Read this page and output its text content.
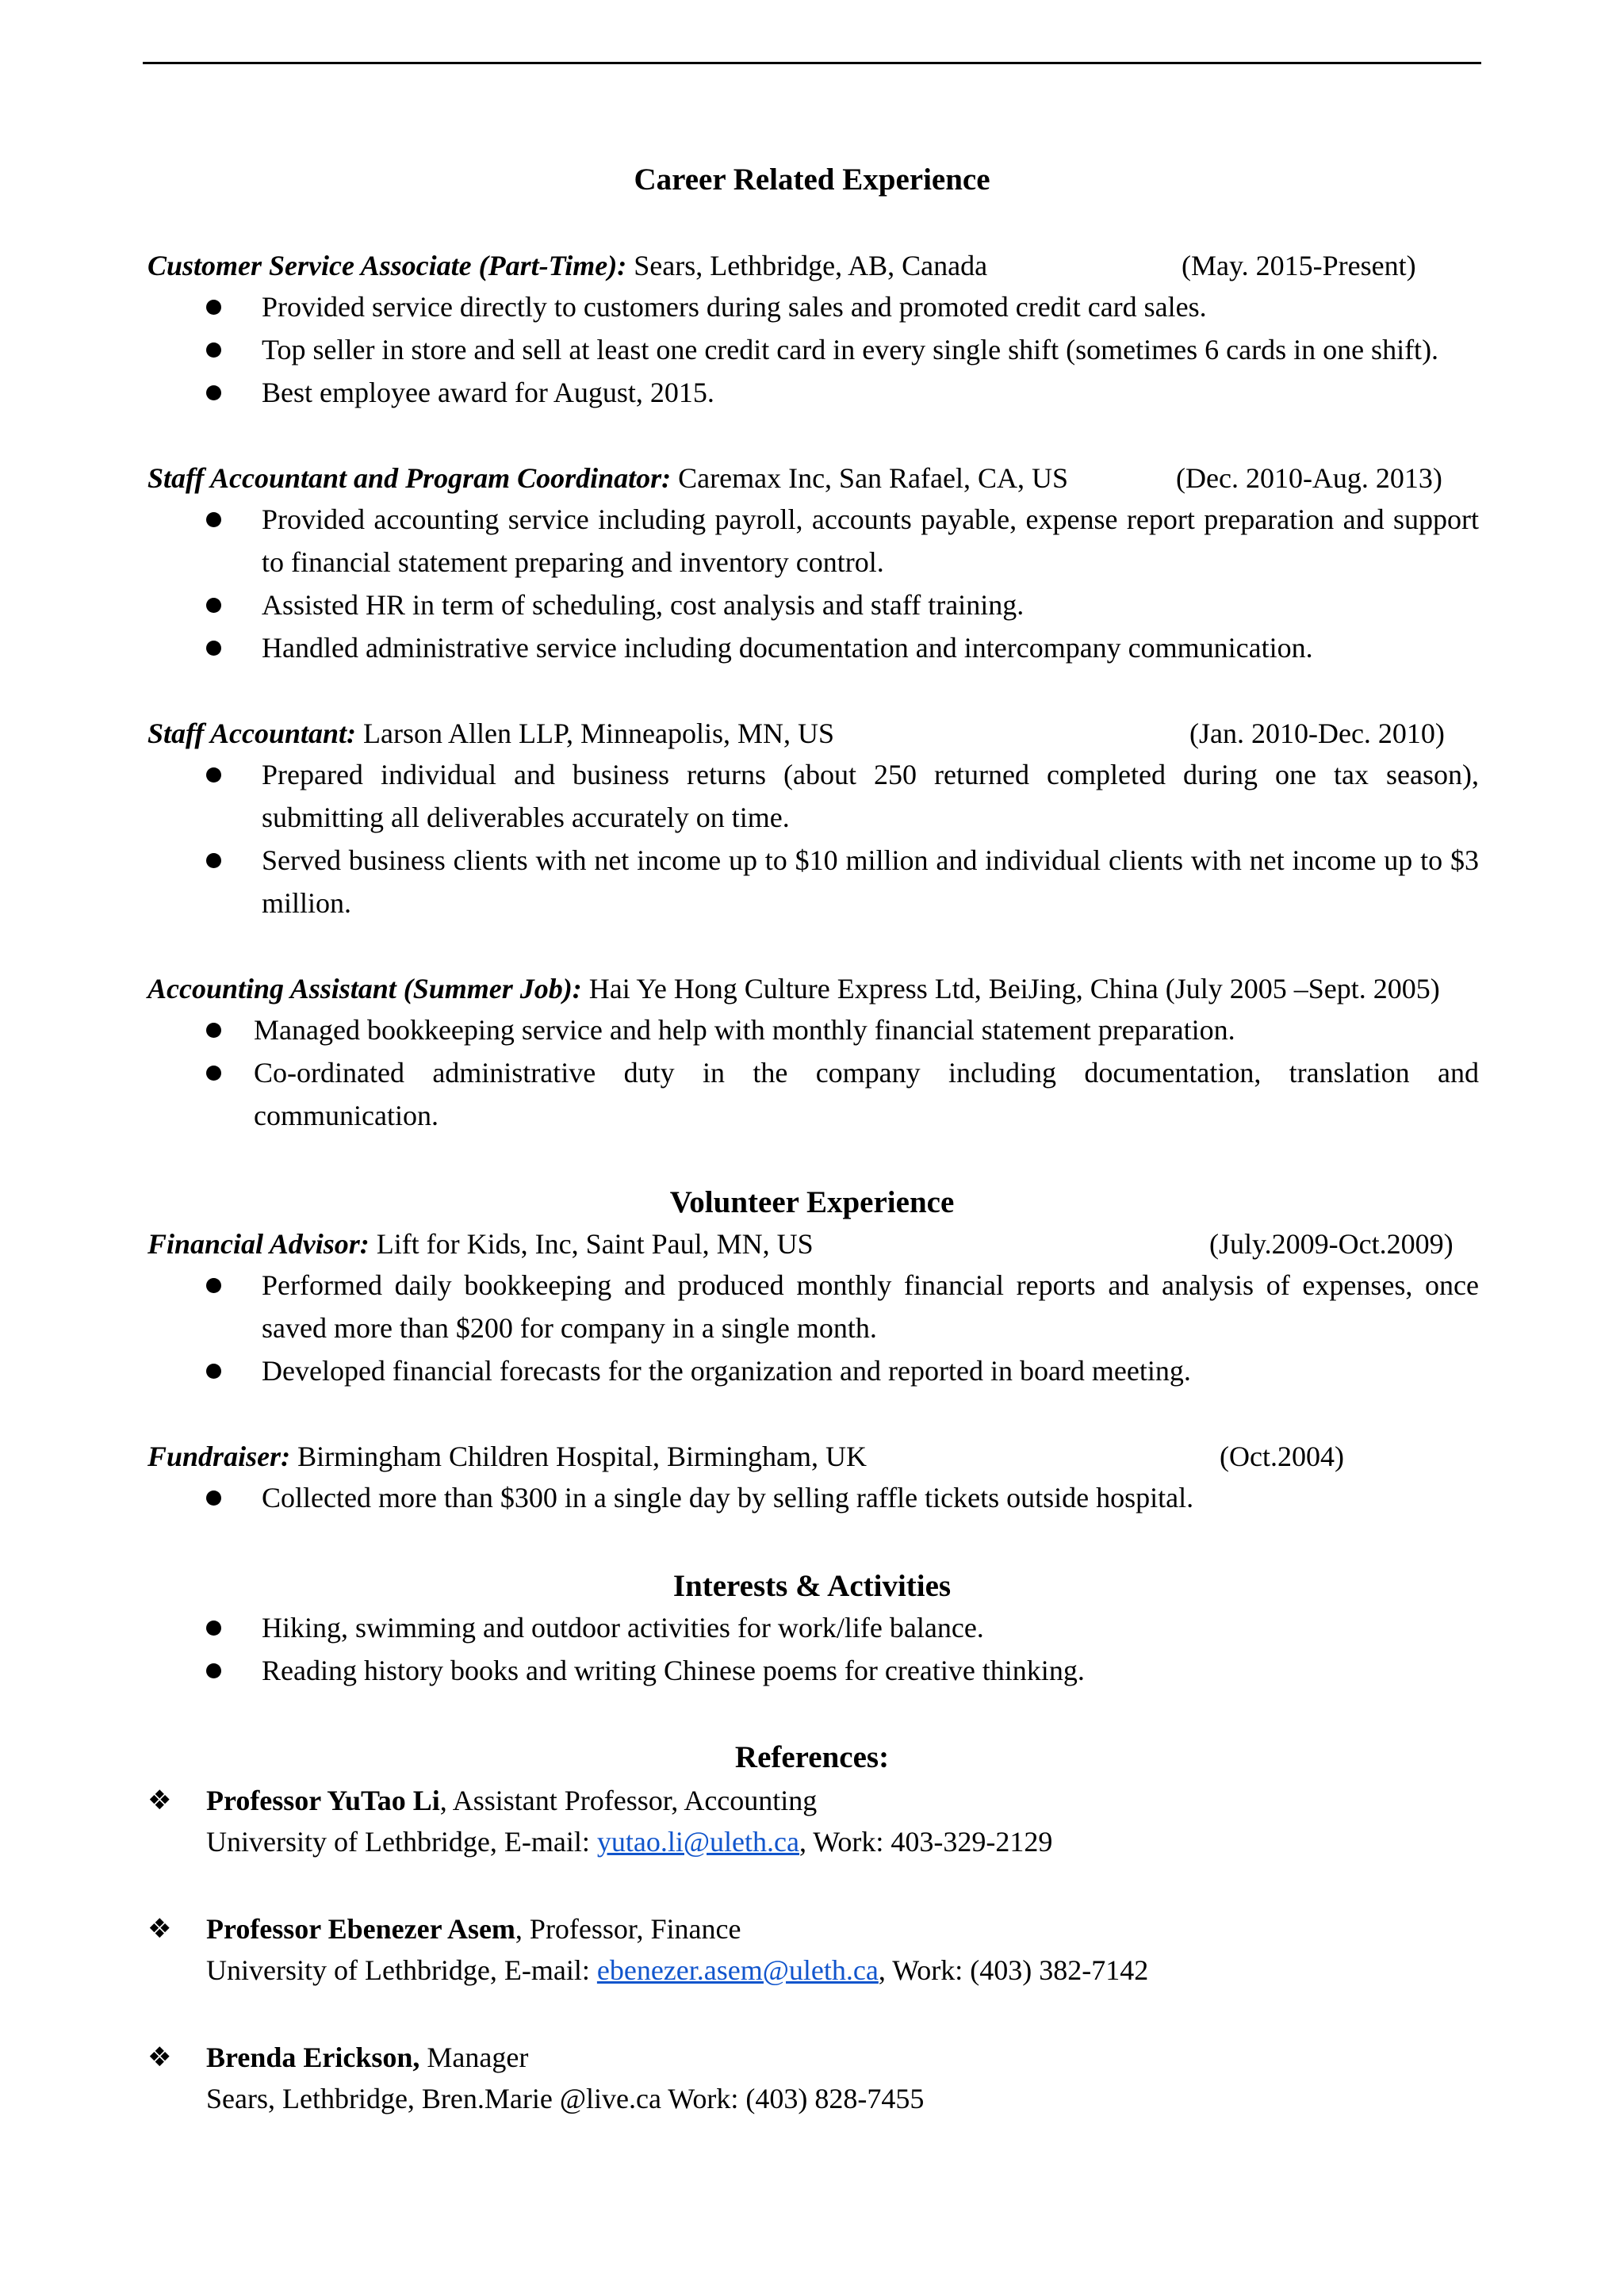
Career Related Experience
Customer Service Associate (Part-Time): Sears, Lethbridge, AB, Canada	(May. 2015-Present)
Provided service directly to customers during sales and promoted credit card sales.
Top seller in store and sell at least one credit card in every single shift (sometimes 6 cards in one shift).
Best employee award for August, 2015.
Staff Accountant and Program Coordinator: Caremax Inc, San Rafael, CA, US	(Dec. 2010-Aug. 2013)
Provided accounting service including payroll, accounts payable, expense report preparation and support to financial statement preparing and inventory control.
Assisted HR in term of scheduling, cost analysis and staff training.
Handled administrative service including documentation and intercompany communication.
Staff Accountant: Larson Allen LLP, Minneapolis, MN, US	(Jan. 2010-Dec. 2010)
Prepared individual and business returns (about 250 returned completed during one tax season), submitting all deliverables accurately on time.
Served business clients with net income up to $10 million and individual clients with net income up to $3 million.
Accounting Assistant (Summer Job): Hai Ye Hong Culture Express Ltd, BeiJing, China (July 2005 –Sept. 2005)
Managed bookkeeping service and help with monthly financial statement preparation.
Co-ordinated administrative duty in the company including documentation, translation and communication.
Volunteer Experience
Financial Advisor: Lift for Kids, Inc, Saint Paul, MN, US	(July.2009-Oct.2009)
Performed daily bookkeeping and produced monthly financial reports and analysis of expenses, once saved more than $200 for company in a single month.
Developed financial forecasts for the organization and reported in board meeting.
Fundraiser: Birmingham Children Hospital, Birmingham, UK	(Oct.2004)
Collected more than $300 in a single day by selling raffle tickets outside hospital.
Interests & Activities
Hiking, swimming and outdoor activities for work/life balance.
Reading history books and writing Chinese poems for creative thinking.
References:
❖ Professor YuTao Li, Assistant Professor, Accounting
University of Lethbridge, E-mail: yutao.li@uleth.ca, Work: 403-329-2129
❖ Professor Ebenezer Asem, Professor, Finance
University of Lethbridge, E-mail: ebenezer.asem@uleth.ca, Work: (403) 382-7142
❖ Brenda Erickson, Manager
Sears, Lethbridge, Bren.Marie @live.ca Work: (403) 828-7455
